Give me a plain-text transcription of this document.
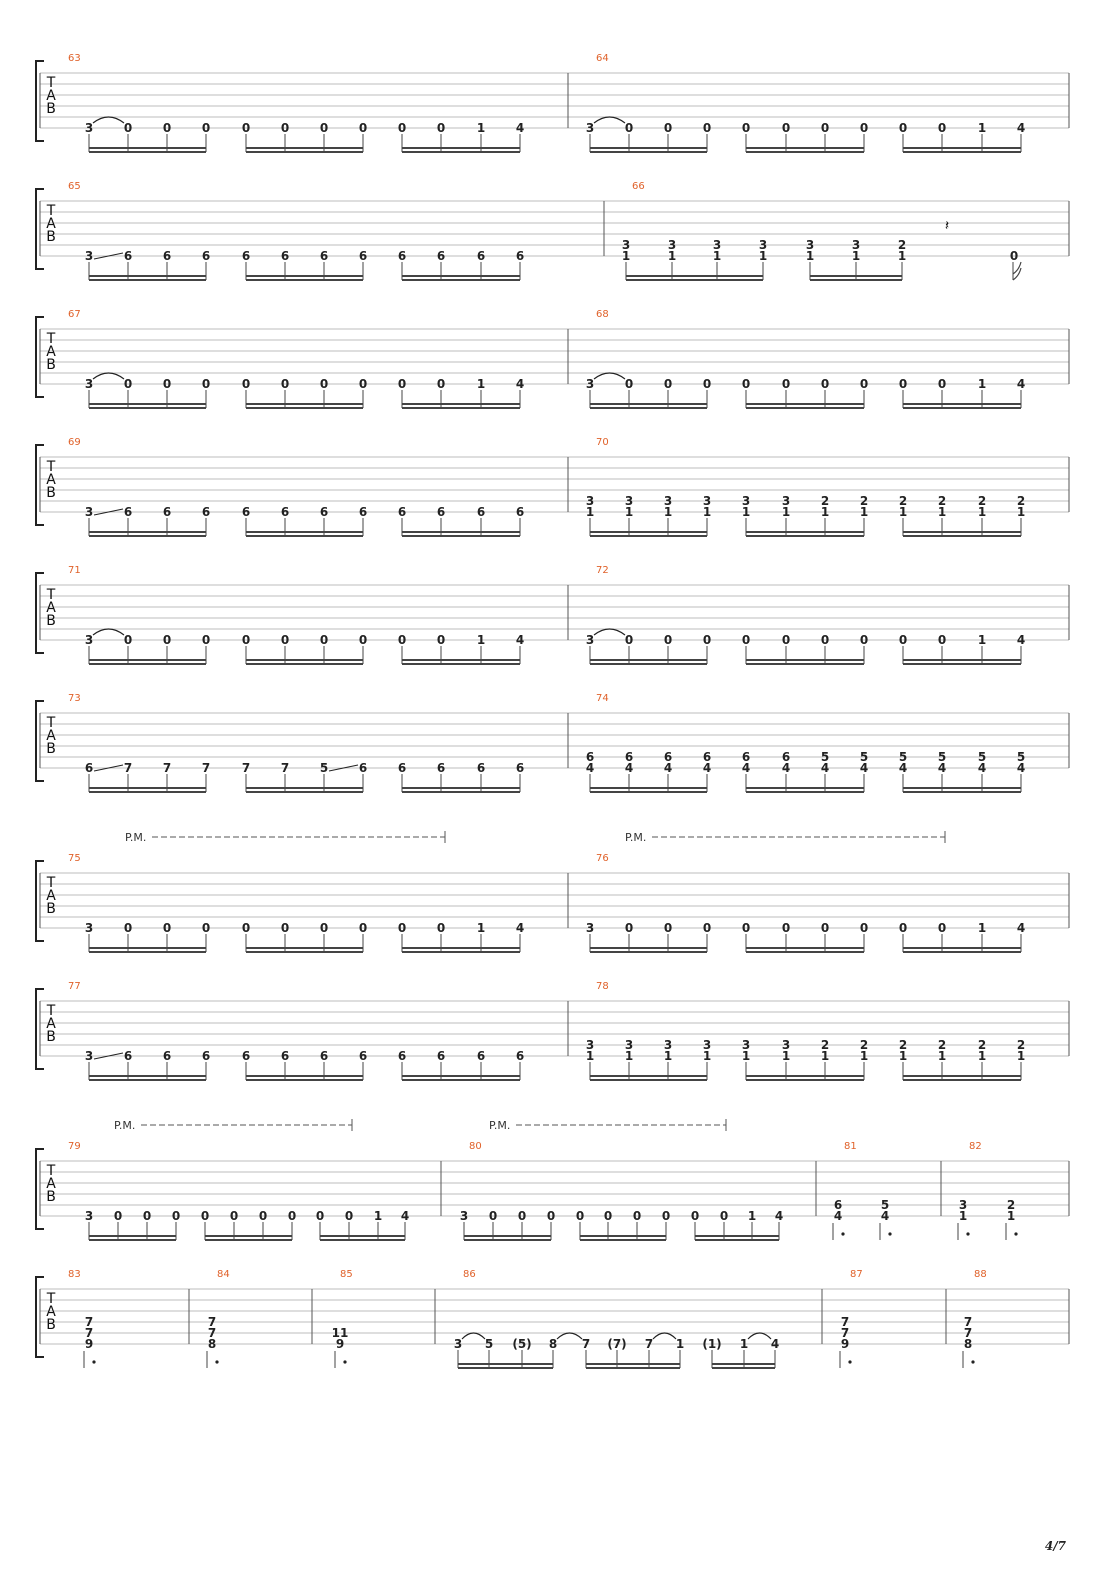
T
A
B
63
3	0	0	0	0	0	0	0	0	0	1	4
64
3	0	0	0	0	0	0	0	0	0	1	4
T
A
B
65
3	6	6	6	6	6	6	6	6	6	6	6
66
3
1
3
1
3
1
3
1
3
1
3
1
2
1
𝄽
0
T
A
B
67
3	0	0	0	0	0	0	0	0	0	1	4
68
3	0	0	0	0	0	0	0	0	0	1	4
T
A
B
69
3	6	6	6	6	6	6	6	6	6	6	6
70
3
1
3
1
3
1
3
1
3
1
3
1
2
1
2
1
2
1
2
1
2
1
2
1
T
A
B
71
3	0	0	0	0	0	0	0	0	0	1	4
72
3	0	0	0	0	0	0	0	0	0	1	4
T
A
B
73
6	7	7	7	7	7	5	6	6	6	6	6
74
6
4
6
4
6
4
6
4
6
4
6
4
5
4
5
4
5
4
5
4
5
4
5
4
T
A
B
P.M.	P.M.
75
3	0	0	0	0	0	0	0	0	0	1	4
76
3	0	0	0	0	0	0	0	0	0	1	4
T
A
B
77
3	6	6	6	6	6	6	6	6	6	6	6
78
3
1
3
1
3
1
3
1
3
1
3
1
2
1
2
1
2
1
2
1
2
1
2
1
T
A
B
P.M.	P.M.
79
3 0 0 0 0 0 0 0 0 0 1 4
80
3 0 0 0 0 0 0 0 0 0 1 4
81
6
4
5
4
82
3
1
2
1
T
A
B
83
7
7
9
84
7
7
8
85
11
9
86
3 5 (5) 8 7 (7) 7 1 (1) 1 4
87
7
7
9
88
7
7
8
4/7
